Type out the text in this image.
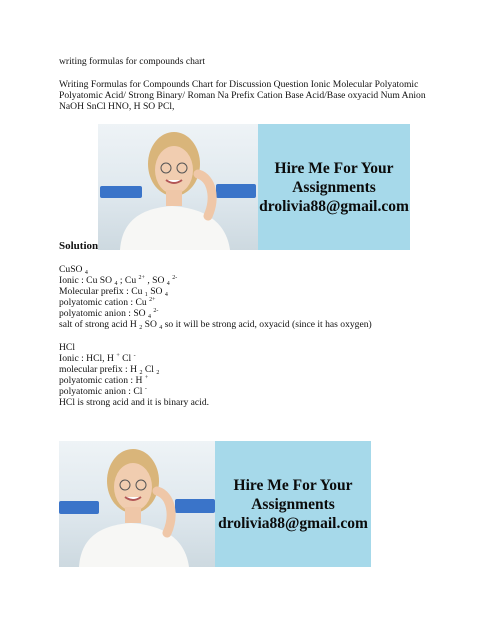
writing formulas for compounds chart
Writing Formulas for Compounds Chart for Discussion Question Ionic Molecular Polyatomic
Polyatomic Acid/ Strong Binary/ Roman Na Prefix Cation Base Acid/Base oxyacid Num Anion
NaOH SnCl HNO, H SO PCl,
Hire Me For Your
Assignments
drolivia88@gmail.com
Solution
CuSO $_4$
Ionic : Cu SO $_4$ ; Cu $^{2+}$ , SO $_4$ $^{2-}$
Molecular prefix : Cu $_1$ SO $_4$
polyatomic cation : Cu $^{2+}$
polyatomic anion : SO $_4$ $^{2-}$
salt of strong acid H $_2$ SO $_4$ so it will be strong acid, oxyacid (since it has oxygen)
HCl
Ionic : HCl, H + Cl -
molecular prefix : H $_2$ Cl $_2$
polyatomic cation : H +
polyatomic anion : Cl -
HCl is strong acid and it is binary acid.
Hire Me For Your
Assignments
drolivia88@gmail.com
